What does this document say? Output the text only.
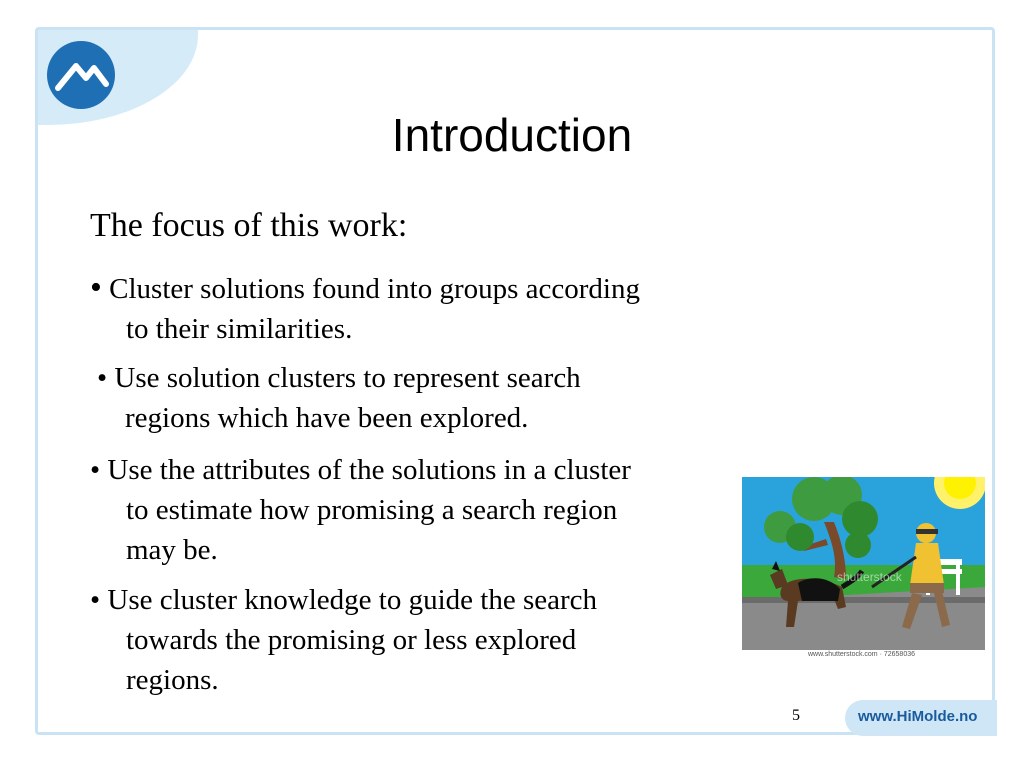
Introduction
The focus of this work:
• Cluster solutions found into groups according
to their similarities.
• Use solution clusters to represent search
regions which have been explored.
• Use the attributes of the solutions in a cluster
to estimate how promising a search region
may be.
• Use cluster knowledge to guide the search
towards the promising or less explored
regions.
shutterstock
www.shutterstock.com · 72658036
5	www.HiMolde.no
